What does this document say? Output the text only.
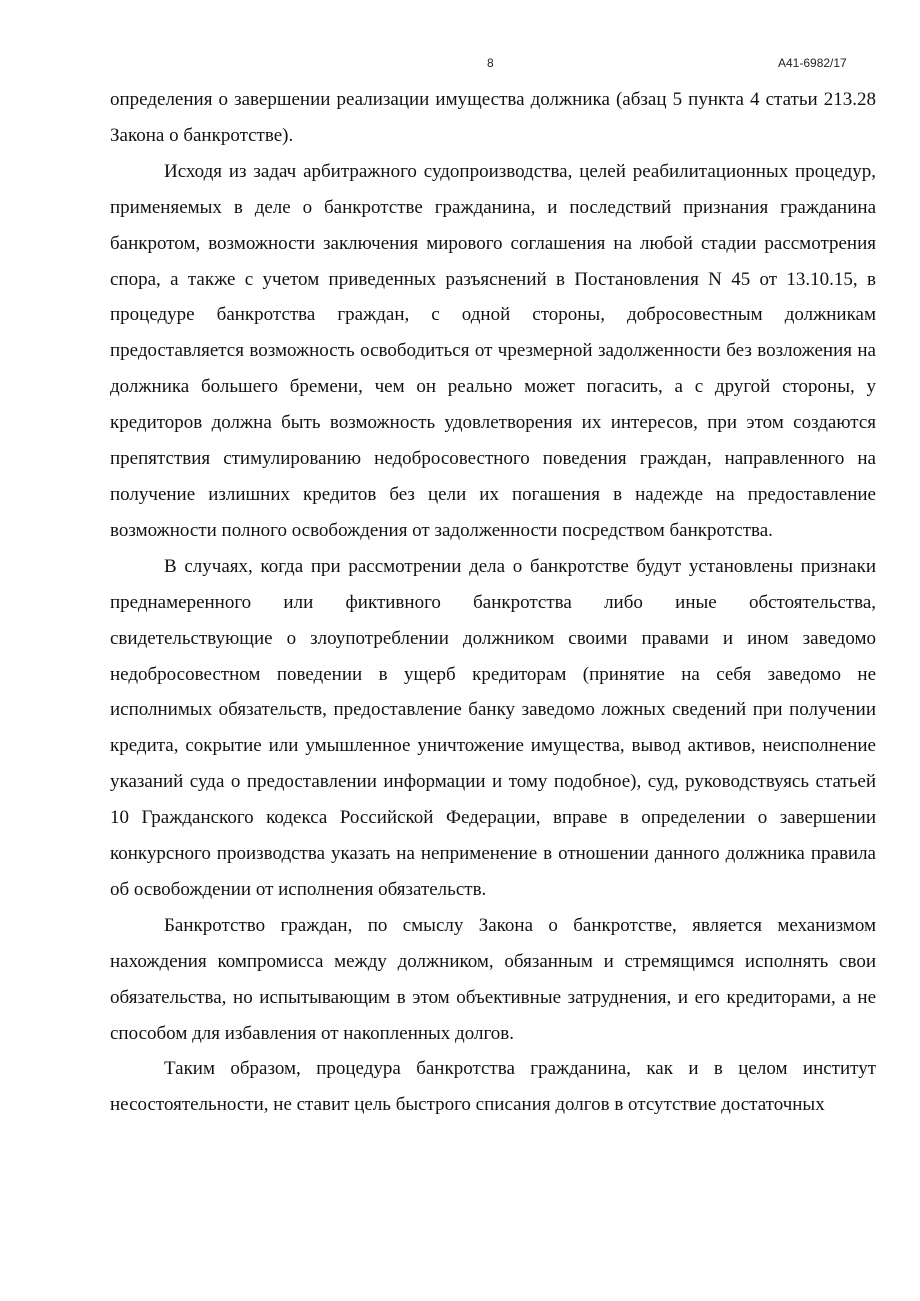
8	А41-6982/17

определения о завершении реализации имущества должника (абзац 5 пункта 4 статьи 213.28 Закона о банкротстве).

Исходя из задач арбитражного судопроизводства, целей реабилитационных процедур, применяемых в деле о банкротстве гражданина, и последствий признания гражданина банкротом, возможности заключения мирового соглашения на любой стадии рассмотрения спора, а также с учетом приведенных разъяснений в Постановления N 45 от 13.10.15, в процедуре банкротства граждан, с одной стороны, добросовестным должникам предоставляется возможность освободиться от чрезмерной задолженности без возложения на должника большего бремени, чем он реально может погасить, а с другой стороны, у кредиторов должна быть возможность удовлетворения их интересов, при этом создаются препятствия стимулированию недобросовестного поведения граждан, направленного на получение излишних кредитов без цели их погашения в надежде на предоставление возможности полного освобождения от задолженности посредством банкротства.

В случаях, когда при рассмотрении дела о банкротстве будут установлены признаки преднамеренного или фиктивного банкротства либо иные обстоятельства, свидетельствующие о злоупотреблении должником своими правами и ином заведомо недобросовестном поведении в ущерб кредиторам (принятие на себя заведомо не исполнимых обязательств, предоставление банку заведомо ложных сведений при получении кредита, сокрытие или умышленное уничтожение имущества, вывод активов, неисполнение указаний суда о предоставлении информации и тому подобное), суд, руководствуясь статьей 10 Гражданского кодекса Российской Федерации, вправе в определении о завершении конкурсного производства указать на неприменение в отношении данного должника правила об освобождении от исполнения обязательств.

Банкротство граждан, по смыслу Закона о банкротстве, является механизмом нахождения компромисса между должником, обязанным и стремящимся исполнять свои обязательства, но испытывающим в этом объективные затруднения, и его кредиторами, а не способом для избавления от накопленных долгов.

Таким образом, процедура банкротства гражданина, как и в целом институт несостоятельности, не ставит цель быстрого списания долгов в отсутствие достаточных
